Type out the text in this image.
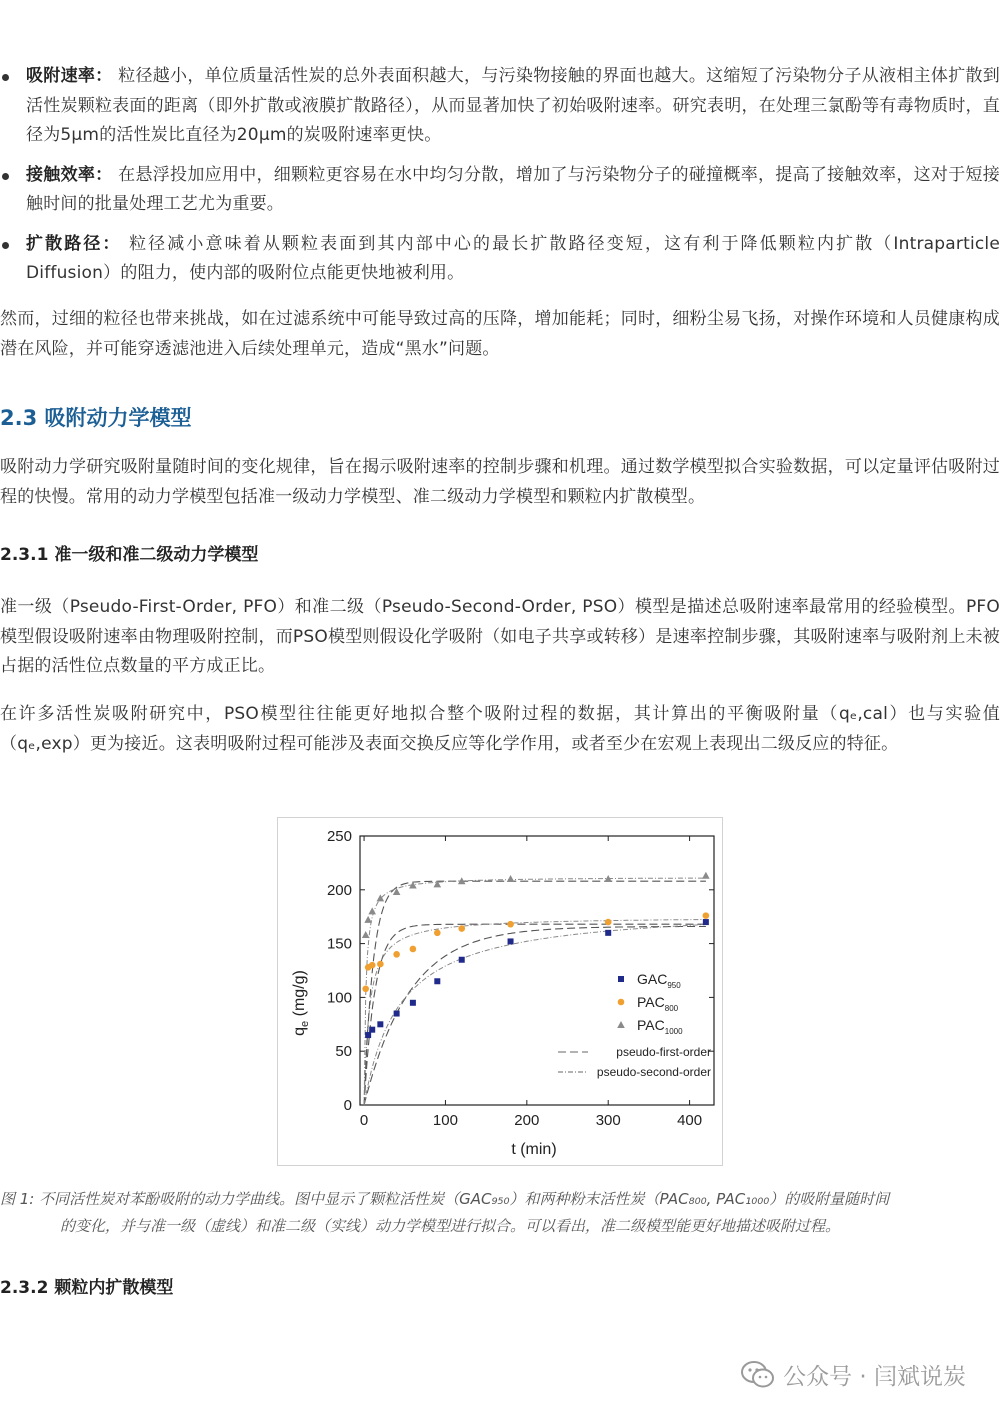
吸附速率： 粒径越小，单位质量活性炭的总外表面积越大，与污染物接触的界面也越大。这缩短了污染物分子从液相主体扩散到活性炭颗粒表面的距离（即外扩散或液膜扩散路径），从而显著加快了初始吸附速率。研究表明，在处理三氯酚等有毒物质时，直径为5μm的活性炭比直径为20μm的炭吸附速率更快。
接触效率： 在悬浮投加应用中，细颗粒更容易在水中均匀分散，增加了与污染物分子的碰撞概率，提高了接触效率，这对于短接触时间的批量处理工艺尤为重要。
扩散路径： 粒径减小意味着从颗粒表面到其内部中心的最长扩散路径变短，这有利于降低颗粒内扩散（Intraparticle Diffusion）的阻力，使内部的吸附位点能更快地被利用。

然而，过细的粒径也带来挑战，如在过滤系统中可能导致过高的压降，增加能耗；同时，细粉尘易飞扬，对操作环境和人员健康构成潜在风险，并可能穿透滤池进入后续处理单元，造成“黑水”问题。

2.3 吸附动力学模型

吸附动力学研究吸附量随时间的变化规律，旨在揭示吸附速率的控制步骤和机理。通过数学模型拟合实验数据，可以定量评估吸附过程的快慢。常用的动力学模型包括准一级动力学模型、准二级动力学模型和颗粒内扩散模型。

2.3.1 准一级和准二级动力学模型

准一级（Pseudo-First-Order, PFO）和准二级（Pseudo-Second-Order, PSO）模型是描述总吸附速率最常用的经验模型。PFO模型假设吸附速率由物理吸附控制，而PSO模型则假设化学吸附（如电子共享或转移）是速率控制步骤，其吸附速率与吸附剂上未被占据的活性位点数量的平方成正比。

在许多活性炭吸附研究中，PSO模型往往能更好地拟合整个吸附过程的数据，其计算出的平衡吸附量（qₑ,cal）也与实验值（qₑ,exp）更为接近。这表明吸附过程可能涉及表面交换反应等化学作用，或者至少在宏观上表现出二级反应的特征。

0	100	200	300	400
0
50
100
150
200
250
$GAC_{950}$
$PAC_{800}$
$PAC_{1000}$
pseudo-first-order
pseudo-second-order
t (min)
$q_e$ (mg/g)

图 1: 不同活性炭对苯酚吸附的动力学曲线。图中显示了颗粒活性炭（GAC₉₅₀）和两种粉末活性炭（PAC₈₀₀, PAC₁₀₀₀）的吸附量随时间
的变化，并与准一级（虚线）和准二级（实线）动力学模型进行拟合。可以看出，准二级模型能更好地描述吸附过程。

2.3.2 颗粒内扩散模型
公众号 · 闫斌说炭
